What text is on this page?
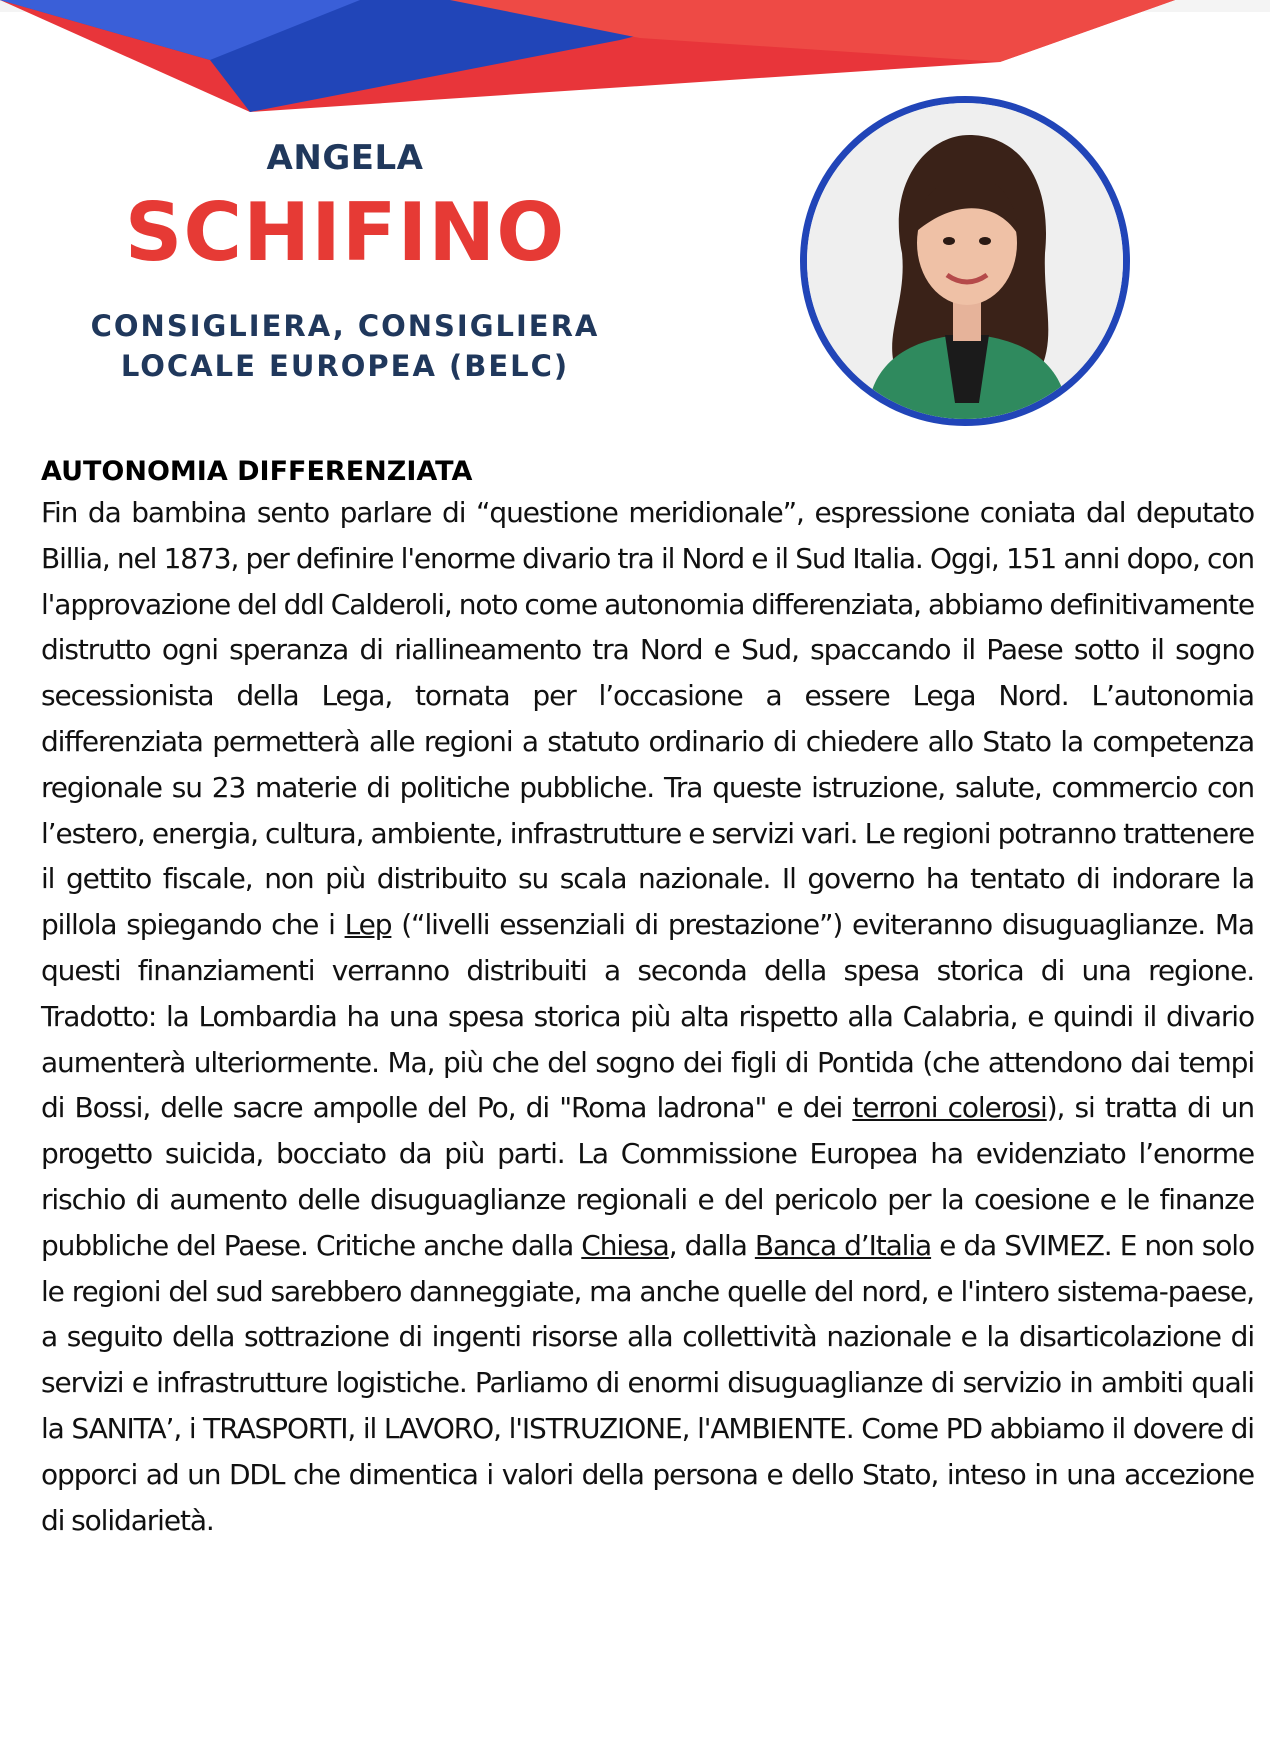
ANGELA
SCHIFINO
CONSIGLIERA, CONSIGLIERA
LOCALE EUROPEA (BELC)
AUTONOMIA DIFFERENZIATA
Fin da bambina sento parlare di “questione meridionale”, espressione coniata dal deputato Billia, nel 1873, per definire l'enorme divario tra il Nord e il Sud Italia. Oggi, 151 anni dopo, con l'approvazione del ddl Calderoli, noto come autonomia differenziata, abbiamo definitivamente distrutto ogni speranza di riallineamento tra Nord e Sud, spaccando il Paese sotto il sogno secessionista della Lega, tornata per l’occasione a essere Lega Nord. L’autonomia differenziata permetterà alle regioni a statuto ordinario di chiedere allo Stato la competenza regionale su 23 materie di politiche pubbliche. Tra queste istruzione, salute, commercio con l’estero, energia, cultura, ambiente, infrastrutture e servizi vari. Le regioni potranno trattenere il gettito fiscale, non più distribuito su scala nazionale. Il governo ha tentato di indorare la pillola spiegando che i Lep (“livelli essenziali di prestazione”) eviteranno disuguaglianze. Ma questi finanziamenti verranno distribuiti a seconda della spesa storica di una regione. Tradotto: la Lombardia ha una spesa storica più alta rispetto alla Calabria, e quindi il divario aumenterà ulteriormente. Ma, più che del sogno dei figli di Pontida (che attendono dai tempi di Bossi, delle sacre ampolle del Po, di "Roma ladrona" e dei terroni colerosi), si tratta di un progetto suicida, bocciato da più parti. La Commissione Europea ha evidenziato l’enorme rischio di aumento delle disuguaglianze regionali e del pericolo per la coesione e le finanze pubbliche del Paese. Critiche anche dalla Chiesa, dalla Banca d’Italia e da SVIMEZ. E non solo le regioni del sud sarebbero danneggiate, ma anche quelle del nord, e l'intero sistema-paese, a seguito della sottrazione di ingenti risorse alla collettività nazionale e la disarticolazione di servizi e infrastrutture logistiche. Parliamo di enormi disuguaglianze di servizio in ambiti quali la SANITA’, i TRASPORTI, il LAVORO, l'ISTRUZIONE, l'AMBIENTE. Come PD abbiamo il dovere di opporci ad un DDL che dimentica i valori della persona e dello Stato, inteso in una accezione di solidarietà.
